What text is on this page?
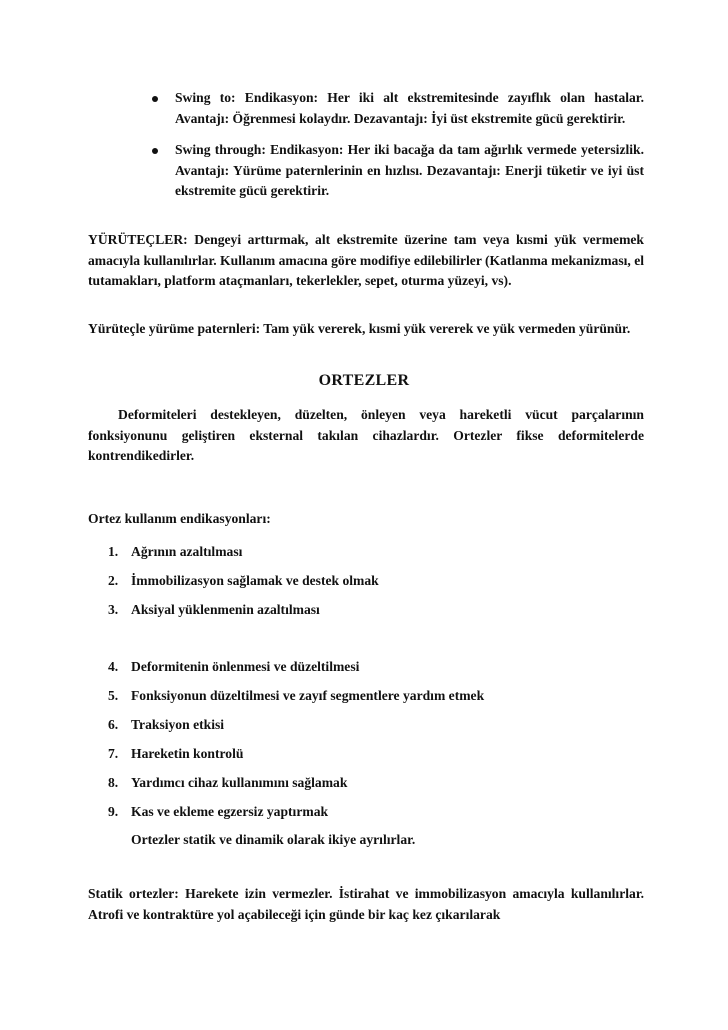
Swing to: Endikasyon: Her iki alt ekstremitesinde zayıflık olan hastalar. Avantajı: Öğrenmesi kolaydır. Dezavantajı: İyi üst ekstremite gücü gerektirir.
Swing through: Endikasyon: Her iki bacağa da tam ağırlık vermede yetersizlik. Avantajı: Yürüme paternlerinin en hızlısı. Dezavantajı: Enerji tüketir ve iyi üst ekstremite gücü gerektirir.

YÜRÜTEÇLER: Dengeyi arttırmak, alt ekstremite üzerine tam veya kısmi yük vermemek amacıyla kullanılırlar. Kullanım amacına göre modifiye edilebilirler (Katlanma mekanizması, el tutamakları, platform ataçmanları, tekerlekler, sepet, oturma yüzeyi, vs).

Yürüteçle yürüme paternleri: Tam yük vererek, kısmi yük vererek ve yük vermeden yürünür.

ORTEZLER

Deformiteleri destekleyen, düzelten, önleyen veya hareketli vücut parçalarının fonksiyonunu geliştiren eksternal takılan cihazlardır. Ortezler fikse deformitelerde kontrendikedirler.

Ortez kullanım endikasyonları:

1. Ağrının azaltılması
2. İmmobilizasyon sağlamak ve destek olmak
3. Aksiyal yüklenmenin azaltılması
4. Deformitenin önlenmesi ve düzeltilmesi
5. Fonksiyonun düzeltilmesi ve zayıf segmentlere yardım etmek
6. Traksiyon etkisi
7. Hareketin kontrolü
8. Yardımcı cihaz kullanımını sağlamak
9. Kas ve ekleme egzersiz yaptırmak
Ortezler statik ve dinamik olarak ikiye ayrılırlar.

Statik ortezler: Harekete izin vermezler. İstirahat ve immobilizasyon amacıyla kullanılırlar. Atrofi ve kontraktüre yol açabileceği için günde bir kaç kez çıkarılarak
